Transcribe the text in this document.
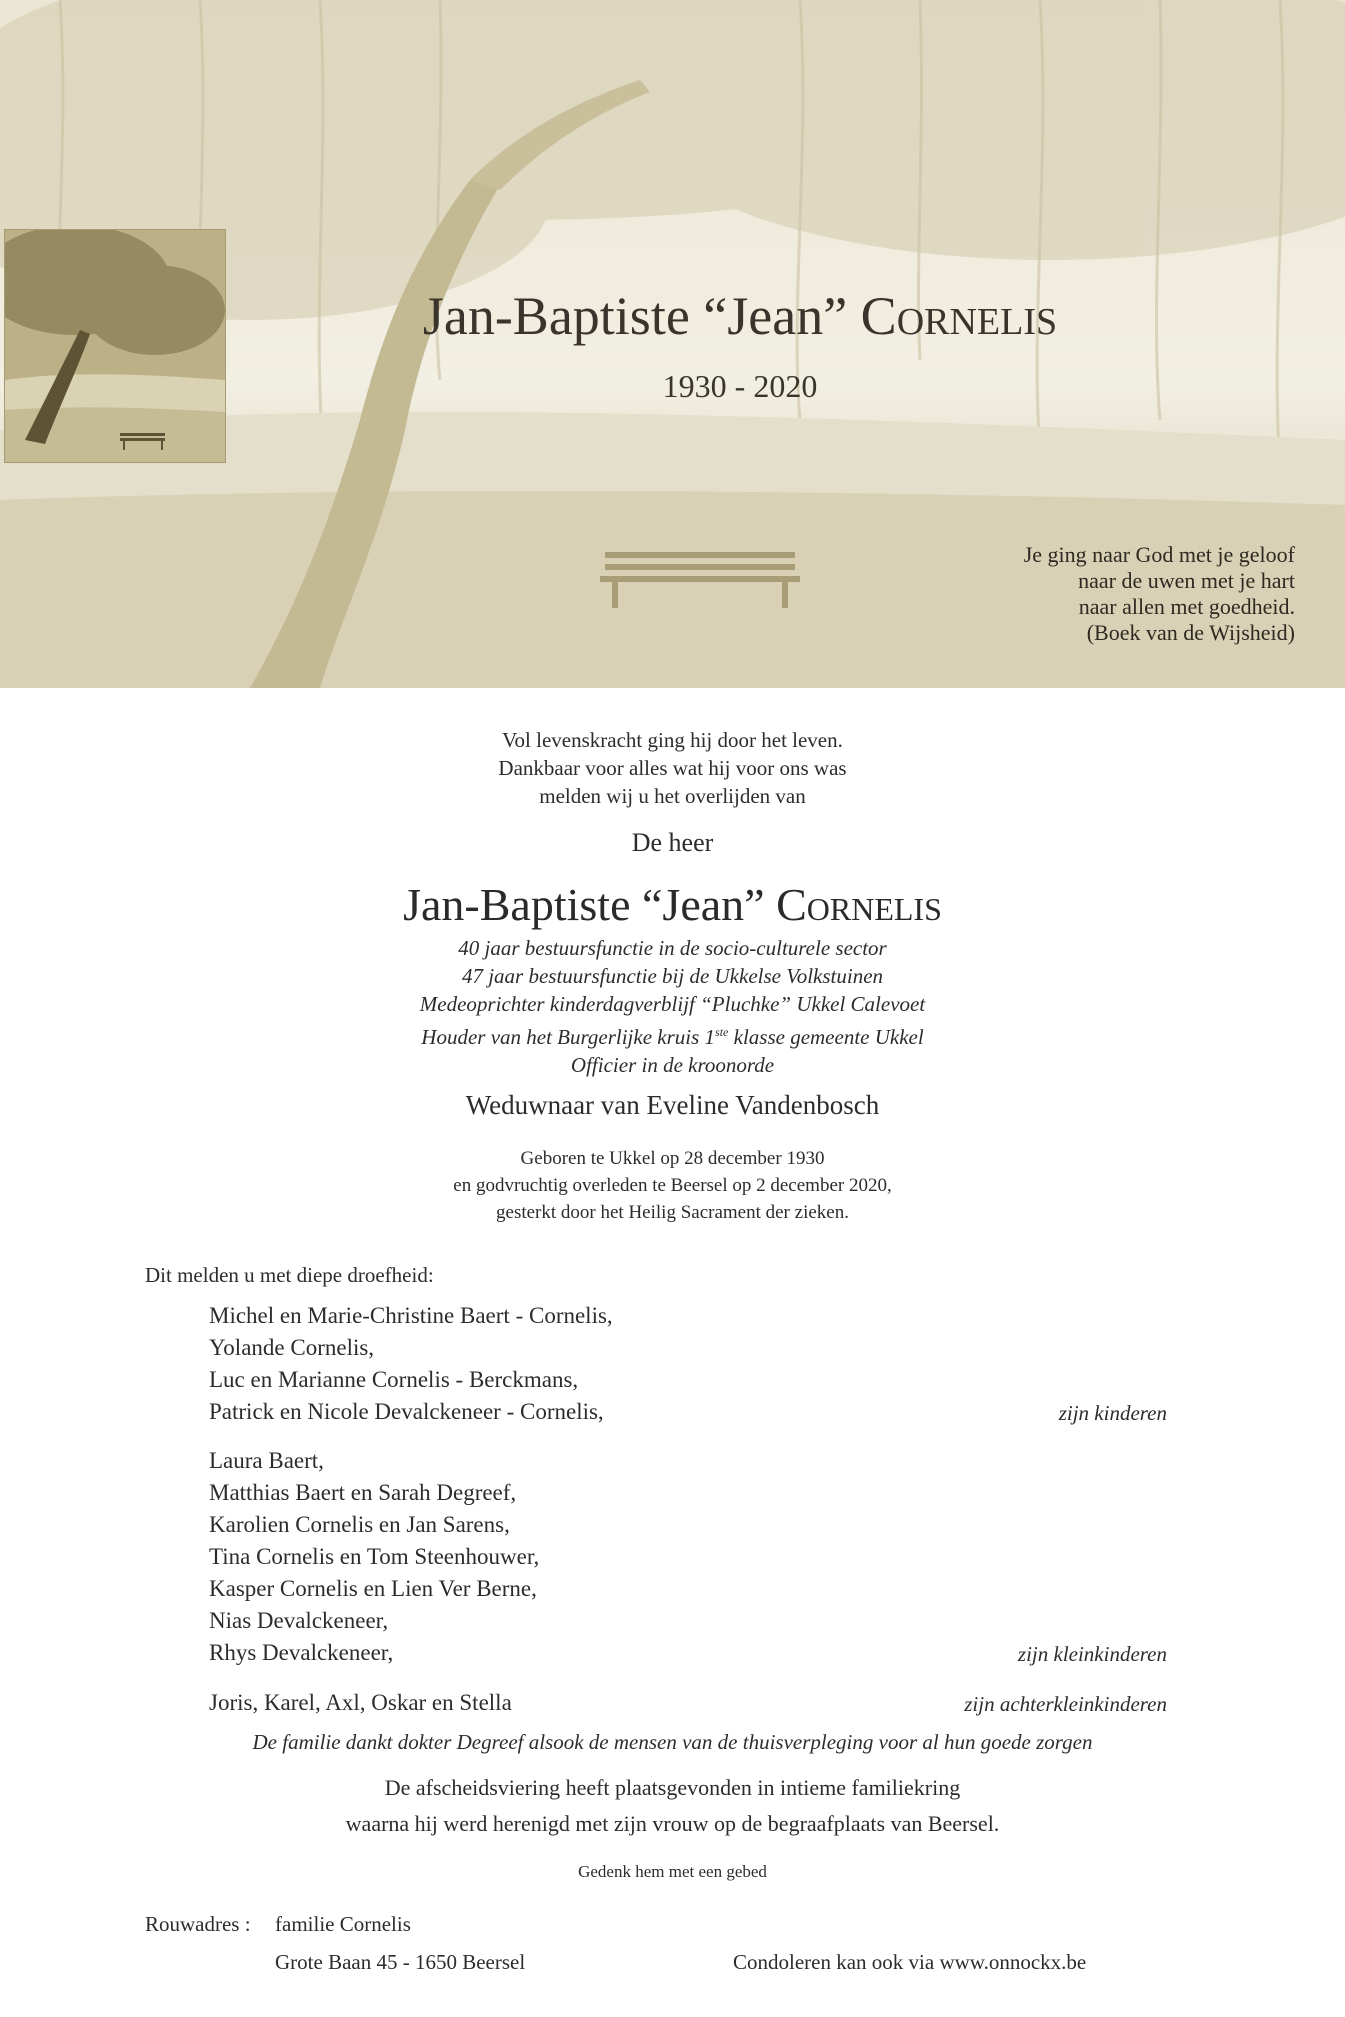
Jan-Baptiste “Jean” Cornelis
1930 - 2020
Je ging naar God met je geloof
naar de uwen met je hart
naar allen met goedheid.
(Boek van de Wijsheid)
Vol levenskracht ging hij door het leven.
Dankbaar voor alles wat hij voor ons was
melden wij u het overlijden van
De heer
Jan-Baptiste “Jean” Cornelis
40 jaar bestuursfunctie in de socio-culturele sector
47 jaar bestuursfunctie bij de Ukkelse Volkstuinen
Medeoprichter kinderdagverblijf “Pluchke” Ukkel Calevoet
Houder van het Burgerlijke kruis 1ste klasse gemeente Ukkel
Officier in de kroonorde
Weduwnaar van Eveline Vandenbosch
Geboren te Ukkel op 28 december 1930
en godvruchtig overleden te Beersel op 2 december 2020,
gesterkt door het Heilig Sacrament der zieken.
Dit melden u met diepe droefheid:
Michel en Marie-Christine Baert - Cornelis,
Yolande Cornelis,
Luc en Marianne Cornelis - Berckmans,
Patrick en Nicole Devalckeneer - Cornelis,	zijn kinderen
Laura Baert,
Matthias Baert en Sarah Degreef,
Karolien Cornelis en Jan Sarens,
Tina Cornelis en Tom Steenhouwer,
Kasper Cornelis en Lien Ver Berne,
Nias Devalckeneer,
Rhys Devalckeneer,	zijn kleinkinderen
Joris, Karel, Axl, Oskar en Stella	zijn achterkleinkinderen
De familie dankt dokter Degreef alsook de mensen van de thuisverpleging voor al hun goede zorgen
De afscheidsviering heeft plaatsgevonden in intieme familiekring
waarna hij werd herenigd met zijn vrouw op de begraafplaats van Beersel.
Gedenk hem met een gebed
Rouwadres : familie Cornelis
Grote Baan 45 - 1650 Beersel	Condoleren kan ook via www.onnockx.be
